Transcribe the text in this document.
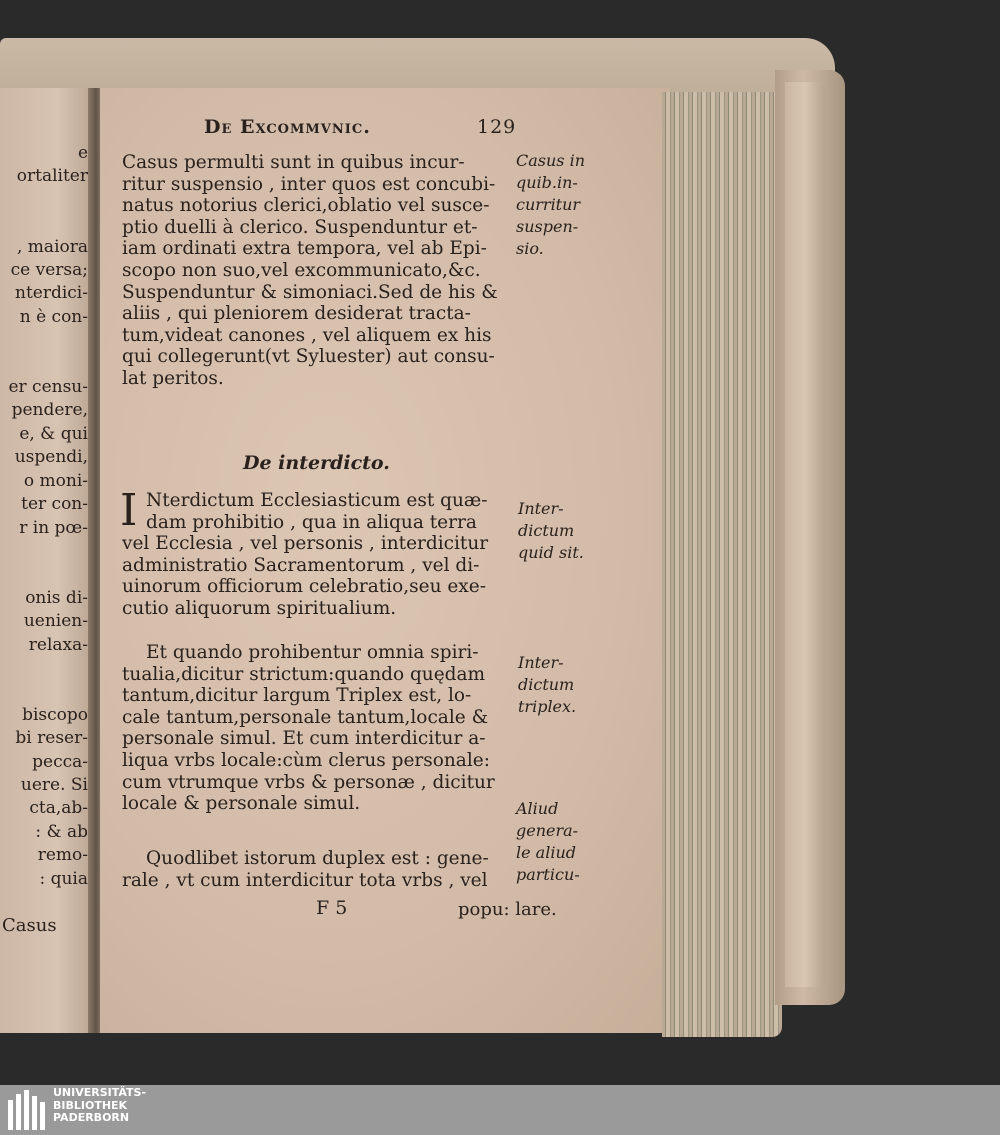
e
ortaliter

, maiora
ce versa;
nterdici-
n è con-

er censu-
pendere,
e, & qui
uspendi,
o moni-
ter con-
r in pœ-

onis di-
uenien-
relaxa-

biscopo
bi reser-
pecca-
uere. Si
cta,ab-
: & ab
remo-
: quia
Casus
De Excommvnic.	129
Casus permulti sunt in quibus incur-
ritur suspensio , inter quos est concubi-
natus notorius clerici,oblatio vel susce-
ptio duelli à clerico. Suspenduntur et-
iam ordinati extra tempora, vel ab Epi-
scopo non suo,vel excommunicato,&c.
Suspenduntur & simoniaci.Sed de his &
aliis , qui pleniorem desiderat tracta-
tum,videat canones , vel aliquem ex his
qui collegerunt(vt Syluester) aut consu-
lat peritos.
De interdicto.
I Nterdictum Ecclesiasticum est quæ-
dam prohibitio , qua in aliqua terra
vel Ecclesia , vel personis , interdicitur
administratio Sacramentorum , vel di-
uinorum officiorum celebratio,seu exe-
cutio aliquorum spiritualium.
Et quando prohibentur omnia spiri-
tualia,dicitur strictum:quando quędam
tantum,dicitur largum Triplex est, lo-
cale tantum,personale tantum,locale &
personale simul. Et cum interdicitur a-
liqua vrbs locale:cùm clerus personale:
cum vtrumque vrbs & personæ , dicitur
locale & personale simul.
Quodlibet istorum duplex est : gene-
rale , vt cum interdicitur tota vrbs , vel
F 5	popu: lare.
Casus in
quib.in-
curritur
suspen-
sio.
Inter-
dictum
quid sit.
Inter-
dictum
triplex.
Aliud
genera-
le aliud
particu-
UNIVERSITÄTS-
BIBLIOTHEK
PADERBORN
